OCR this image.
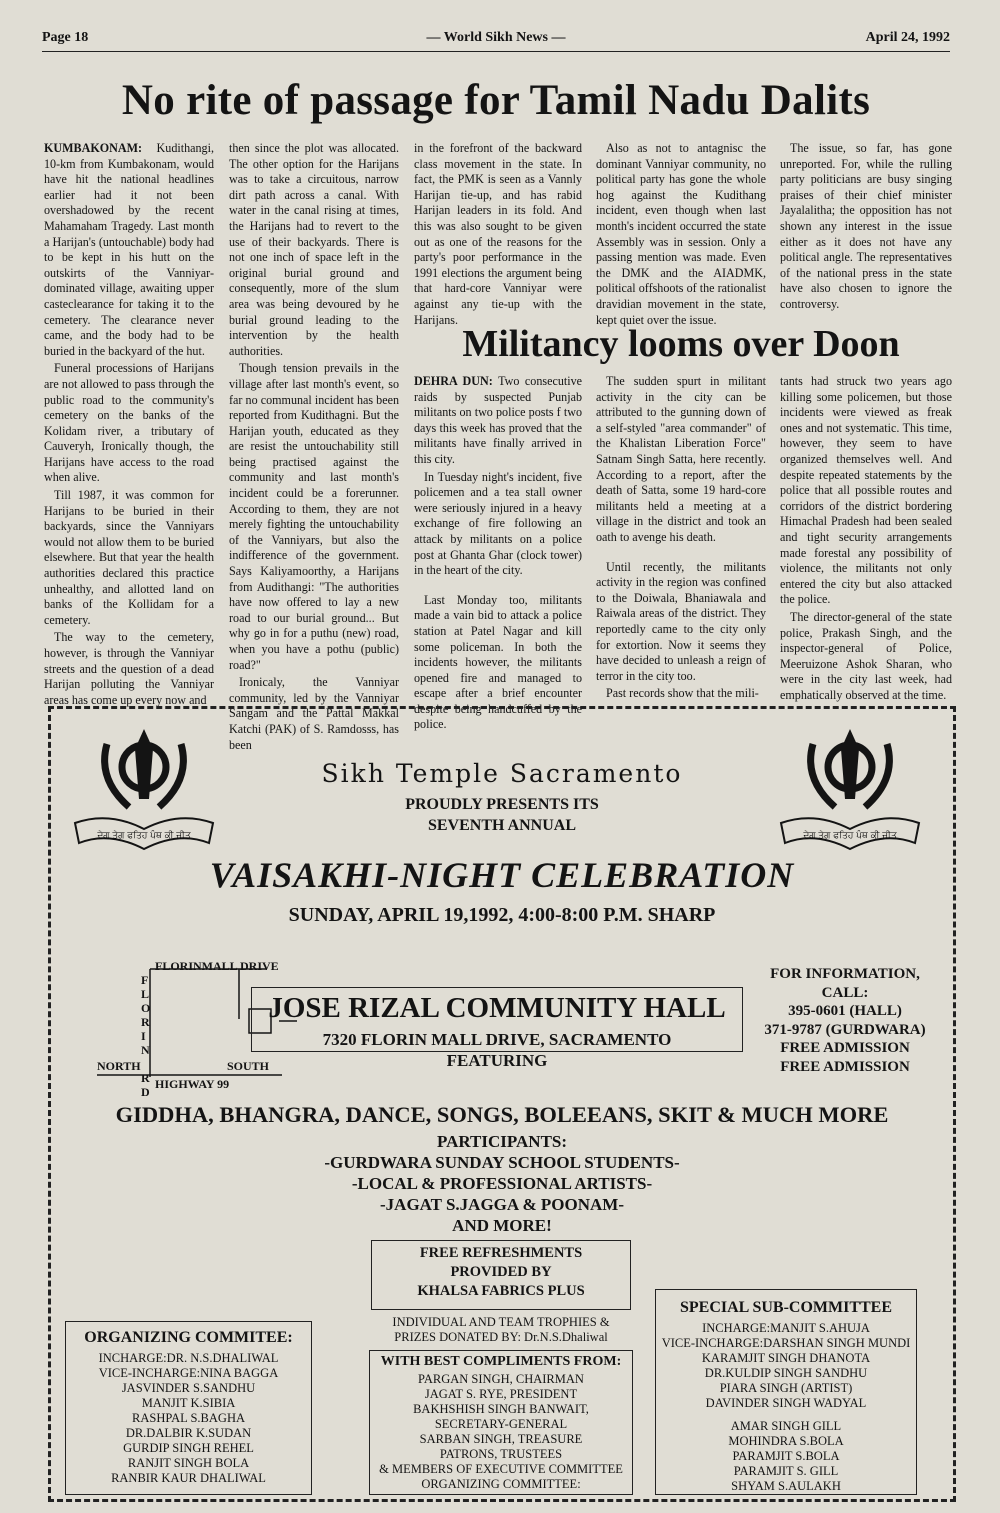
Page 18	— World Sikh News —	April 24, 1992
No rite of passage for Tamil Nadu Dalits

KUMBAKONAM: Kudithangi, 10-km from Kumbakonam, would have hit the national headlines earlier had it not been overshadowed by the recent Mahamaham Tragedy. Last month a Harijan's (untouchable) body had to be kept in his hutt on the outskirts of the Vanniyar-dominated village, awaiting upper casteclearance for taking it to the cemetery. The clearance never came, and the body had to be buried in the backyard of the hut.

Funeral processions of Harijans are not allowed to pass through the public road to the community's cemetery on the banks of the Kolidam river, a tributary of Cauveryh, Ironically though, the Harijans have access to the road when alive.

Till 1987, it was common for Harijans to be buried in their backyards, since the Vanniyars would not allow them to be buried elsewhere. But that year the health authorities declared this practice unhealthy, and allotted land on banks of the Kollidam for a cemetery.

The way to the cemetery, however, is through the Vanniyar streets and the question of a dead Harijan polluting the Vanniyar areas has come up every now and

then since the plot was allocated. The other option for the Harijans was to take a circuitous, narrow dirt path across a canal. With water in the canal rising at times, the Harijans had to revert to the use of their backyards. There is not one inch of space left in the original burial ground and consequently, more of the slum area was being devoured by he burial ground leading to the intervention by the health authorities.

Though tension prevails in the village after last month's event, so far no communal incident has been reported from Kudithagni. But the Harijan youth, educated as they are resist the untouchability still being practised against the community and last month's incident could be a forerunner. According to them, they are not merely fighting the untouchability of the Vanniyars, but also the indifference of the government. Says Kaliyamoorthy, a Harijans from Audithangi: "The authorities have now offered to lay a new road to our burial ground... But why go in for a puthu (new) road, when you have a pothu (public) road?"

Ironicaly, the Vanniyar community, led by the Vanniyar Sangam and the Pattal Makkal Katchi (PAK) of S. Ramdosss, has been

in the forefront of the backward class movement in the state. In fact, the PMK is seen as a Vannly Harijan tie-up, and has rabid Harijan leaders in its fold. And this was also sought to be given out as one of the reasons for the party's poor performance in the 1991 elections the argument being that hard-core Vanniyar were against any tie-up with the Harijans.

Also as not to antagnisc the dominant Vanniyar community, no political party has gone the whole hog against the Kudithang incident, even though when last month's incident occurred the state Assembly was in session. Only a passing mention was made. Even the DMK and the AIADMK, political offshoots of the rationalist dravidian movement in the state, kept quiet over the issue.

The issue, so far, has gone unreported. For, while the rulling party politicians are busy singing praises of their chief minister Jayalalitha; the opposition has not shown any interest in the issue either as it does not have any political angle. The representatives of the national press in the state have also chosen to ignore the controversy.

Militancy looms over Doon

DEHRA DUN: Two consecutive raids by suspected Punjab militants on two police posts f two days this week has proved that the militants have finally arrived in this city.

In Tuesday night's incident, five policemen and a tea stall owner were seriously injured in a heavy exchange of fire following an attack by militants on a police post at Ghanta Ghar (clock tower) in the heart of the city.

Last Monday too, militants made a vain bid to attack a police station at Patel Nagar and kill some policeman. In both the incidents however, the militants opened fire and managed to escape after a brief encounter despite being handcuffed by the police.

The sudden spurt in militant activity in the city can be attributed to the gunning down of a self-styled "area commander" of the Khalistan Liberation Force" Satnam Singh Satta, here recently. According to a report, after the death of Satta, some 19 hard-core militants held a meeting at a village in the district and took an oath to avenge his death.

Until recently, the militants activity in the region was confined to the Doiwala, Bhaniawala and Raiwala areas of the district. They reportedly came to the city only for extortion. Now it seems they have decided to unleash a reign of terror in the city too.

Past records show that the mili-

tants had struck two years ago killing some policemen, but those incidents were viewed as freak ones and not systematic. This time, however, they seem to have organized themselves well. And despite repeated statements by the police that all possible routes and corridors of the district bordering Himachal Pradesh had been sealed and tight security arrangements made forestal any possibility of violence, the militants not only entered the city but also attacked the police.

The director-general of the state police, Prakash Singh, and the inspector-general of Police, Meeruizone Ashok Sharan, who were in the city last week, had emphatically observed at the time.

ਦੇਗ ਤੇਗ ਫਤਿਹ ਪੰਥ ਕੀ ਜੀਤ	ਦੇਗ ਤੇਗ ਫਤਿਹ ਪੰਥ ਕੀ ਜੀਤ
Sikh Temple Sacramento
PROUDLY PRESENTS ITS
SEVENTH ANNUAL
VAISAKHI-NIGHT CELEBRATION
SUNDAY, APRIL 19,1992, 4:00-8:00 P.M. SHARP
FLORINMALL DRIVE
F
L
O
R
I
N
NORTH	SOUTH
R HIGHWAY 99
D
JOSE RIZAL COMMUNITY HALL
7320 FLORIN MALL DRIVE, SACRAMENTO
FEATURING
FOR INFORMATION,
CALL:
395-0601 (HALL)
371-9787 (GURDWARA)
FREE ADMISSION
FREE ADMISSION
GIDDHA, BHANGRA, DANCE, SONGS, BOLEEANS, SKIT & MUCH MORE
PARTICIPANTS:
-GURDWARA SUNDAY SCHOOL STUDENTS-
-LOCAL & PROFESSIONAL ARTISTS-
-JAGAT S.JAGGA & POONAM-
AND MORE!
FREE REFRESHMENTS
PROVIDED BY
KHALSA FABRICS PLUS
INDIVIDUAL AND TEAM TROPHIES &
PRIZES DONATED BY: Dr.N.S.Dhaliwal
WITH BEST COMPLIMENTS FROM:
PARGAN SINGH, CHAIRMAN
JAGAT S. RYE, PRESIDENT
BAKHSHISH SINGH BANWAIT,
SECRETARY-GENERAL
SARBAN SINGH, TREASURE
PATRONS, TRUSTEES
& MEMBERS OF EXECUTIVE COMMITTEE
ORGANIZING COMMITTEE:
ORGANIZING COMMITEE:
INCHARGE:DR. N.S.DHALIWAL
VICE-INCHARGE:NINA BAGGA
JASVINDER S.SANDHU
MANJIT K.SIBIA
RASHPAL S.BAGHA
DR.DALBIR K.SUDAN
GURDIP SINGH REHEL
RANJIT SINGH BOLA
RANBIR KAUR DHALIWAL
SPECIAL SUB-COMMITTEE
INCHARGE:MANJIT S.AHUJA
VICE-INCHARGE:DARSHAN SINGH MUNDI
KARAMJIT SINGH DHANOTA
DR.KULDIP SINGH SANDHU
PIARA SINGH (ARTIST)
DAVINDER SINGH WADYAL
AMAR SINGH GILL
MOHINDRA S.BOLA
PARAMJIT S.BOLA
PARAMJIT S. GILL
SHYAM S.AULAKH
